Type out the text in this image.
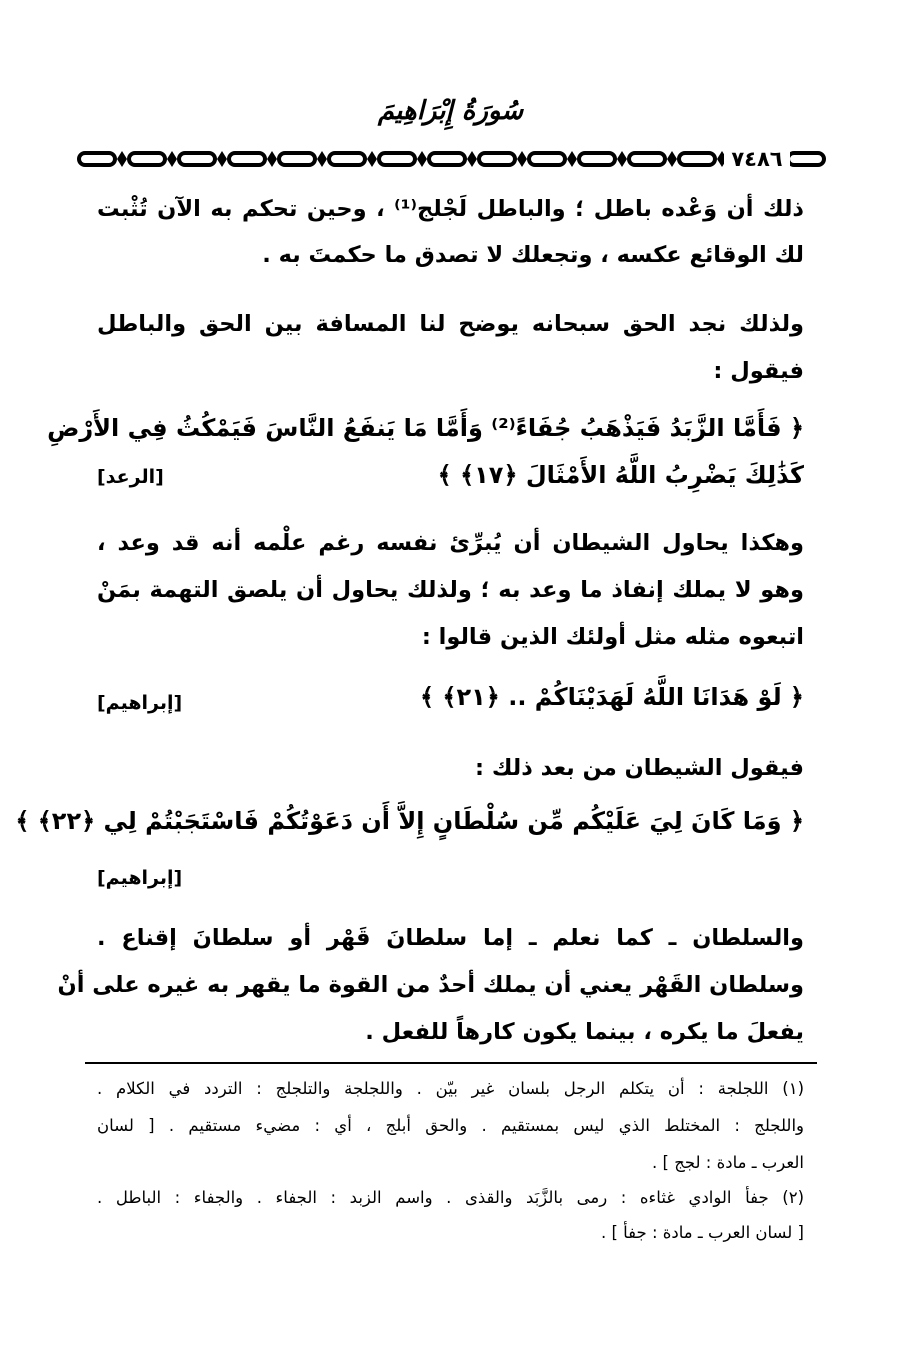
سُورَةُ إِبْرَاهِيمَ
٧٤٨٦
ذلك أن وَعْده باطل ؛ والباطل لَجْلج⁽¹⁾ ، وحين تحكم به الآن تُثْبت
لك الوقائع عكسه ، وتجعلك لا تصدق ما حكمتَ به .
ولذلك نجد الحق سبحانه يوضح لنا المسافة بين الحق والباطل
فيقول :
﴿ فَأَمَّا الزَّبَدُ فَيَذْهَبُ جُفَاءً⁽²⁾ وَأَمَّا مَا يَنفَعُ النَّاسَ فَيَمْكُثُ فِي الأَرْضِ
كَذَٰلِكَ يَضْرِبُ اللَّهُ الأَمْثَالَ ﴿١٧﴾ ﴾
[الرعد]
وهكذا يحاول الشيطان أن يُبرِّئ نفسه رغم علْمه أنه قد وعد ،
وهو لا يملك إنفاذ ما وعد به ؛ ولذلك يحاول أن يلصق التهمة بمَنْ
اتبعوه مثله مثل أولئك الذين قالوا :
﴿ لَوْ هَدَانَا اللَّهُ لَهَدَيْنَاكُمْ .. ﴿٢١﴾ ﴾
[إبراهيم]
فيقول الشيطان من بعد ذلك :
﴿ وَمَا كَانَ لِيَ عَلَيْكُم مِّن سُلْطَانٍ إِلاَّ أَن دَعَوْتُكُمْ فَاسْتَجَبْتُمْ لِي ﴿٢٢﴾ ﴾
[إبراهيم]
والسلطان ـ كما نعلم ـ إما سلطانَ قَهْر أو سلطانَ إقناع .
وسلطان القَهْر يعني أن يملك أحدٌ من القوة ما يقهر به غيره على أنْ
يفعلَ ما يكره ، بينما يكون كارهاً للفعل .
(١) اللجلجة : أن يتكلم الرجل بلسان غير بيّن . واللجلجة والتلجلج : التردد في الكلام .
واللجلج : المختلط الذي ليس بمستقيم . والحق أبلج ، أي : مضيء مستقيم . [ لسان
العرب ـ مادة : لجج ] .
(٢) جفأ الوادي غثاءه : رمى بالزَّبَد والقذى . واسم الزبد : الجفاء . والجفاء : الباطل .
[ لسان العرب ـ مادة : جفأ ] .
